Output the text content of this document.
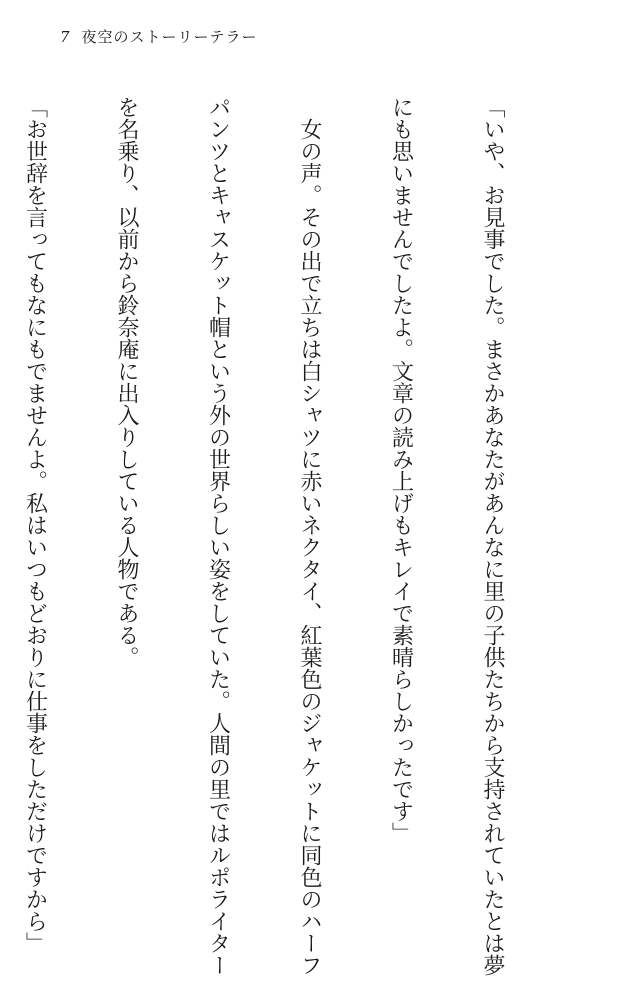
7 夜空のストーリーテラー

「いや、お見事でした。まさかあなたがあんなに里の子供たちから支持されていたとは夢

にも思いませんでしたよ。文章の読み上げもキレイで素晴らしかったです」

　女の声。その出で立ちは白シャツに赤いネクタイ、紅葉色のジャケットに同色のハーフ

パンツとキャスケット帽という外の世界らしい姿をしていた。人間の里ではルポライター

を名乗り、以前から鈴奈庵に出入りしている人物である。

「お世辞を言ってもなにもでませんよ。私はいつもどおりに仕事をしただけですから」
